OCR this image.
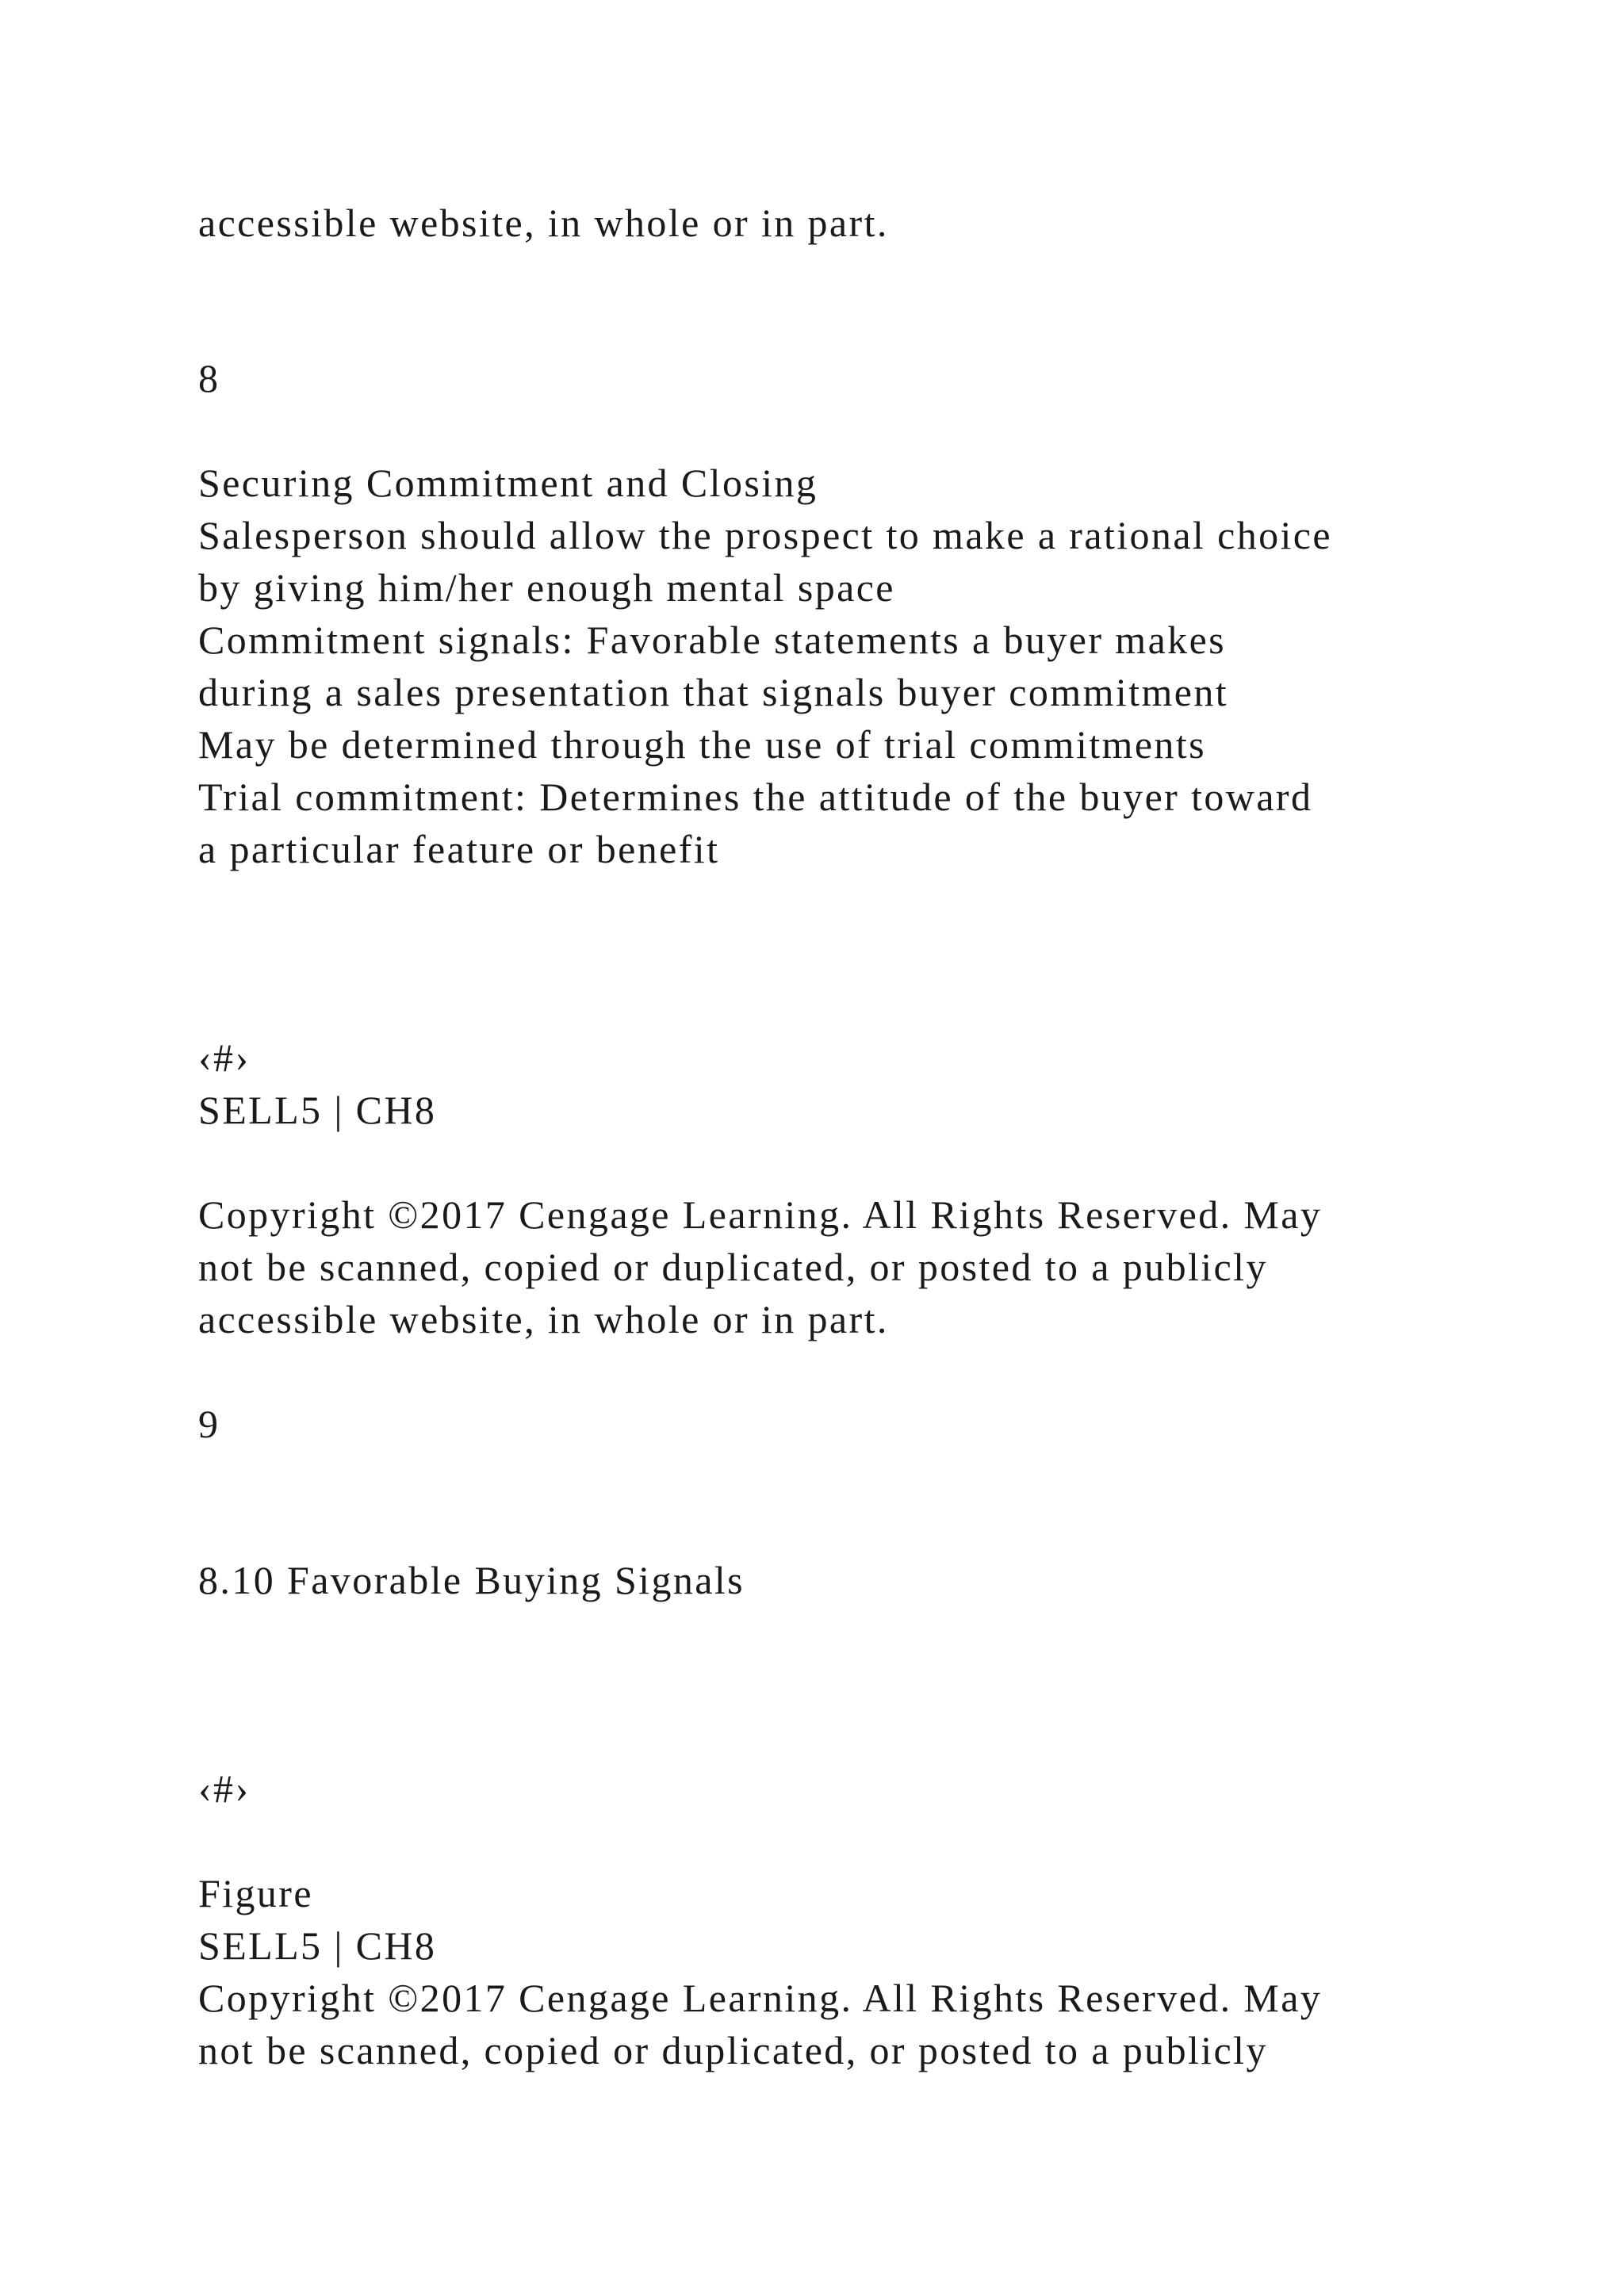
accessible website, in whole or in part.

8

Securing Commitment and Closing

Salesperson should allow the prospect to make a rational choice

by giving him/her enough mental space

Commitment signals: Favorable statements a buyer makes

during a sales presentation that signals buyer commitment

May be determined through the use of trial commitments

Trial commitment: Determines the attitude of the buyer toward

a particular feature or benefit

‹#›

SELL5 | CH8

Copyright ©2017 Cengage Learning. All Rights Reserved. May

not be scanned, copied or duplicated, or posted to a publicly

accessible website, in whole or in part.

9

8.10 Favorable Buying Signals

‹#›

Figure

SELL5 | CH8

Copyright ©2017 Cengage Learning. All Rights Reserved. May

not be scanned, copied or duplicated, or posted to a publicly
